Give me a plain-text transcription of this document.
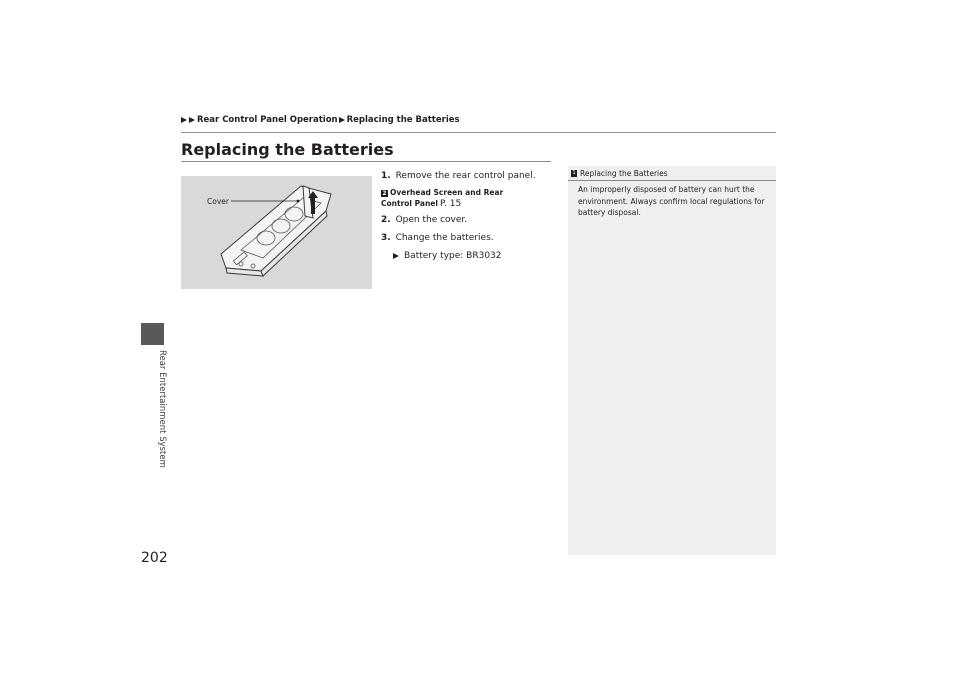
Rear Control Panel Operation Replacing the Batteries
Rear Entertainment System
Replacing the Batteries
Cover
1. Remove the rear control panel.
2 Overhead Screen and Rear
Control Panel P. 15
2. Open the cover.
3. Change the batteries.
Battery type: BR3032
1 Replacing the Batteries
An improperly disposed of battery can hurt the environment. Always confirm local regulations for battery disposal.
202
